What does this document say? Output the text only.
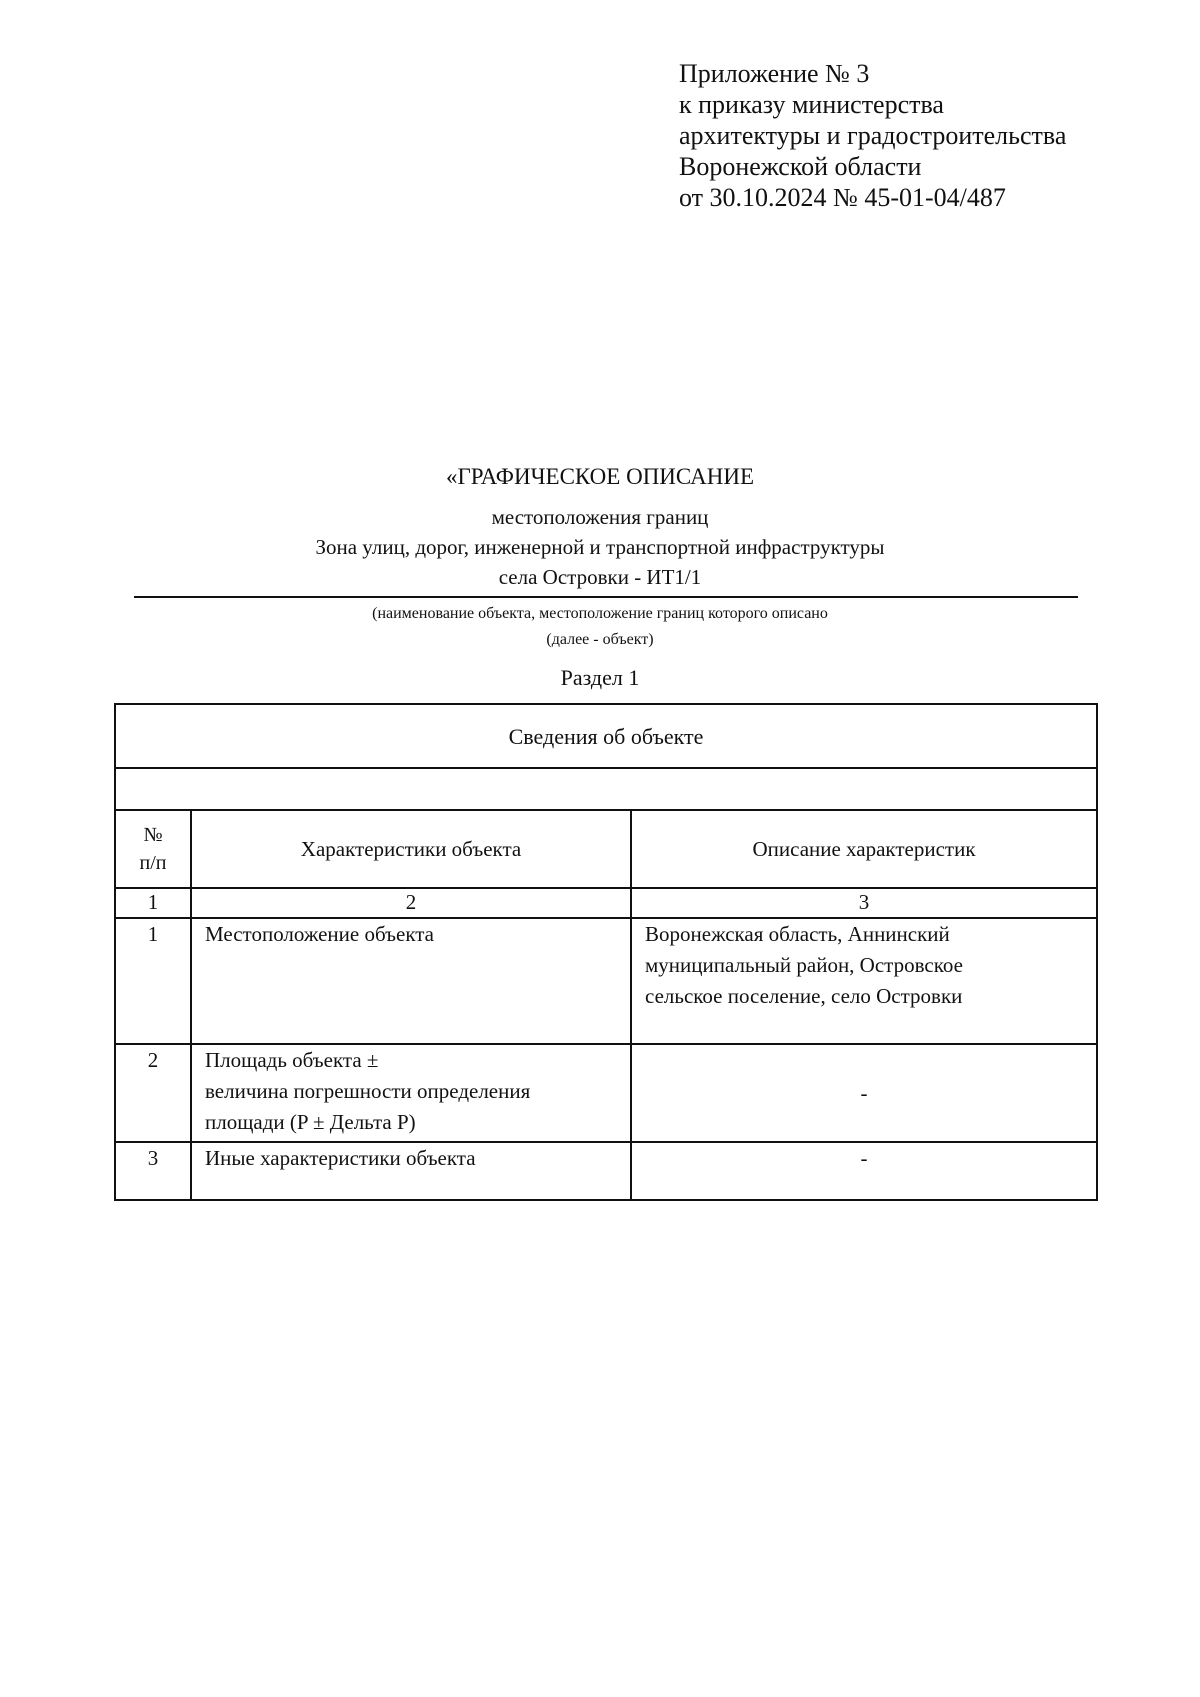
Приложение № 3
к приказу министерства
архитектуры и градостроительства
Воронежской области
от 30.10.2024 № 45-01-04/487
«ГРАФИЧЕСКОЕ ОПИСАНИЕ
местоположения границ
Зона улиц, дорог, инженерной и транспортной инфраструктуры
села Островки - ИТ1/1
(наименование объекта, местоположение границ которого описано
(далее - объект)
Раздел 1
Сведения об объекте		

№
п/п	Характеристики объекта	Описание характеристик
1	2	3
1	Местоположение объекта	Воронежская область, Аннинский
муниципальный район, Островское
сельское поселение, село Островки

2	Площадь объекта ±
величина погрешности определения
площади (P ± Дельта P)	-
3	Иные характеристики объекта	-
